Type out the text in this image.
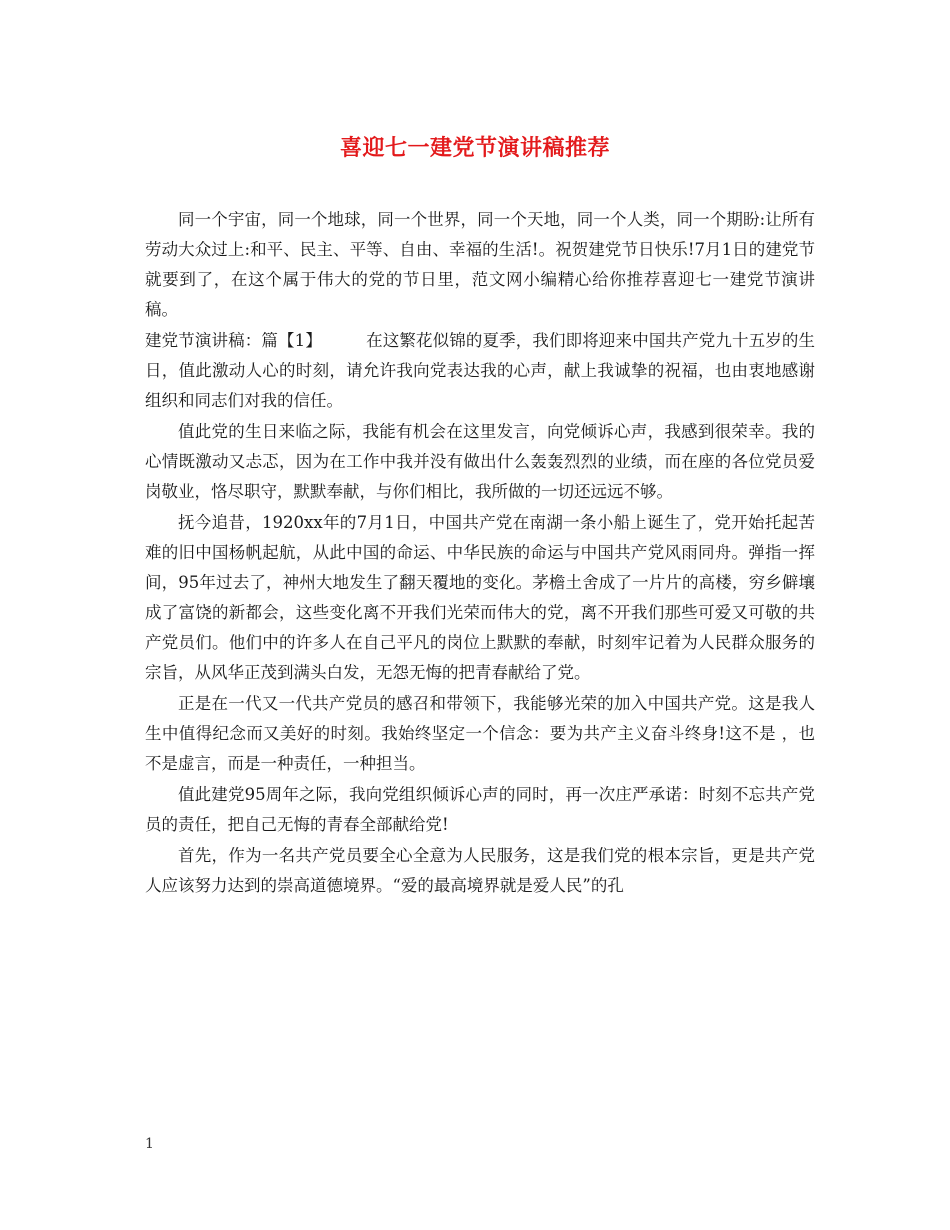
喜迎七一建党节演讲稿推荐

同一个宇宙，同一个地球，同一个世界，同一个天地，同一个人类，同一个期盼:让所有劳动大众过上:和平、民主、平等、自由、幸福的生活!。祝贺建党节日快乐!7月1日的建党节就要到了，在这个属于伟大的党的节日里，范文网小编精心给你推荐喜迎七一建党节演讲稿。

建党节演讲稿：篇【1】	在这繁花似锦的夏季，我们即将迎来中国共产党九十五岁的生日，值此激动人心的时刻，请允许我向党表达我的心声，献上我诚挚的祝福，也由衷地感谢组织和同志们对我的信任。

值此党的生日来临之际，我能有机会在这里发言，向党倾诉心声，我感到很荣幸。我的心情既激动又忐忑，因为在工作中我并没有做出什么轰轰烈烈的业绩，而在座的各位党员爱岗敬业，恪尽职守，默默奉献，与你们相比，我所做的一切还远远不够。

抚今追昔，1920xx年的7月1日，中国共产党在南湖一条小船上诞生了，党开始托起苦难的旧中国杨帆起航，从此中国的命运、中华民族的命运与中国共产党风雨同舟。弹指一挥间，95年过去了，神州大地发生了翻天覆地的变化。茅檐土舍成了一片片的高楼，穷乡僻壤成了富饶的新都会，这些变化离不开我们光荣而伟大的党，离不开我们那些可爱又可敬的共产党员们。他们中的许多人在自己平凡的岗位上默默的奉献，时刻牢记着为人民群众服务的宗旨，从风华正茂到满头白发，无怨无悔的把青春献给了党。

正是在一代又一代共产党员的感召和带领下，我能够光荣的加入中国共产党。这是我人生中值得纪念而又美好的时刻。我始终坚定一个信念：要为共产主义奋斗终身!这不是 ，也不是虚言，而是一种责任，一种担当。

值此建党95周年之际，我向党组织倾诉心声的同时，再一次庄严承诺：时刻不忘共产党员的责任，把自己无悔的青春全部献给党!

首先，作为一名共产党员要全心全意为人民服务，这是我们党的根本宗旨，更是共产党人应该努力达到的崇高道德境界。“爱的最高境界就是爱人民”的孔

1
